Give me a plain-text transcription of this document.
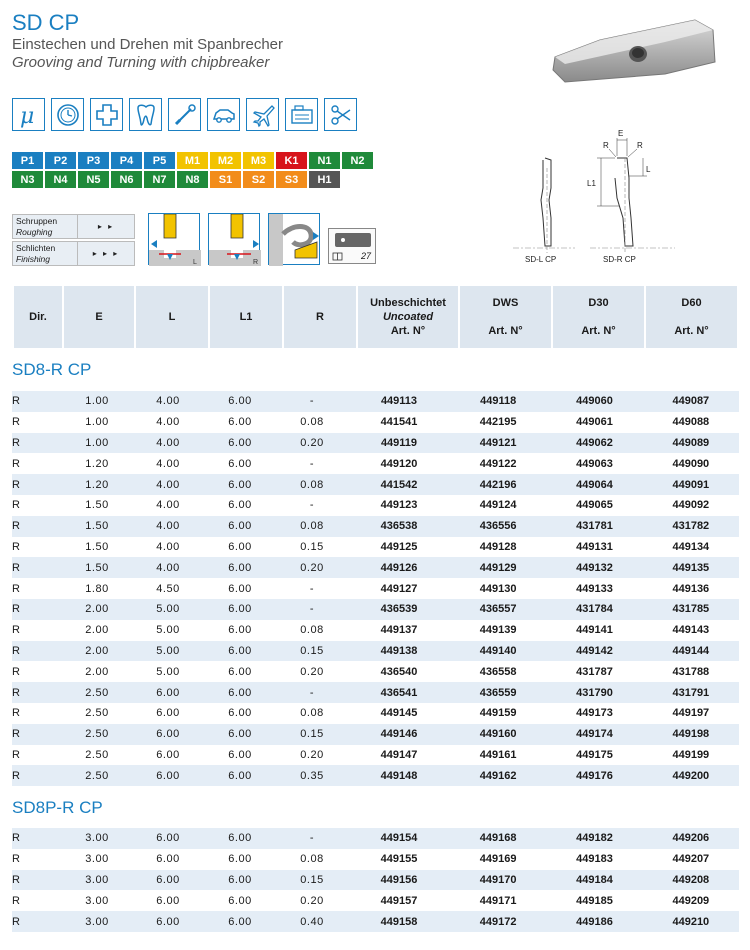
SD CP
Einstechen und Drehen mit Spanbrecher
Grooving and Turning with chipbreaker
μ
P1	P2	P3	P4	P5	M1	M2	M3	K1	N1	N2
N3	N4	N5	N6	N7	N8	S1	S2	S3	H1
Schruppen
Roughing
▸ ▸
Schlichten
Finishing
▸ ▸ ▸
L	R
27
E
R	R
L1
L
SD-L CP	SD-R CP
Dir.	E	L	L1	R	
Unbeschichtet
Uncoated
Art. N°

DWS
Art. N°

D30
Art. N°

D60
Art. N°
SD8-R CP
R	1.00	4.00	6.00	-	449113	449118	449060	449087
R	1.00	4.00	6.00	0.08	441541	442195	449061	449088
R	1.00	4.00	6.00	0.20	449119	449121	449062	449089
R	1.20	4.00	6.00	-	449120	449122	449063	449090
R	1.20	4.00	6.00	0.08	441542	442196	449064	449091
R	1.50	4.00	6.00	-	449123	449124	449065	449092
R	1.50	4.00	6.00	0.08	436538	436556	431781	431782
R	1.50	4.00	6.00	0.15	449125	449128	449131	449134
R	1.50	4.00	6.00	0.20	449126	449129	449132	449135
R	1.80	4.50	6.00	-	449127	449130	449133	449136
R	2.00	5.00	6.00	-	436539	436557	431784	431785
R	2.00	5.00	6.00	0.08	449137	449139	449141	449143
R	2.00	5.00	6.00	0.15	449138	449140	449142	449144
R	2.00	5.00	6.00	0.20	436540	436558	431787	431788
R	2.50	6.00	6.00	-	436541	436559	431790	431791
R	2.50	6.00	6.00	0.08	449145	449159	449173	449197
R	2.50	6.00	6.00	0.15	449146	449160	449174	449198
R	2.50	6.00	6.00	0.20	449147	449161	449175	449199
R	2.50	6.00	6.00	0.35	449148	449162	449176	449200
SD8P-R CP
R	3.00	6.00	6.00	-	449154	449168	449182	449206
R	3.00	6.00	6.00	0.08	449155	449169	449183	449207
R	3.00	6.00	6.00	0.15	449156	449170	449184	449208
R	3.00	6.00	6.00	0.20	449157	449171	449185	449209
R	3.00	6.00	6.00	0.40	449158	449172	449186	449210
